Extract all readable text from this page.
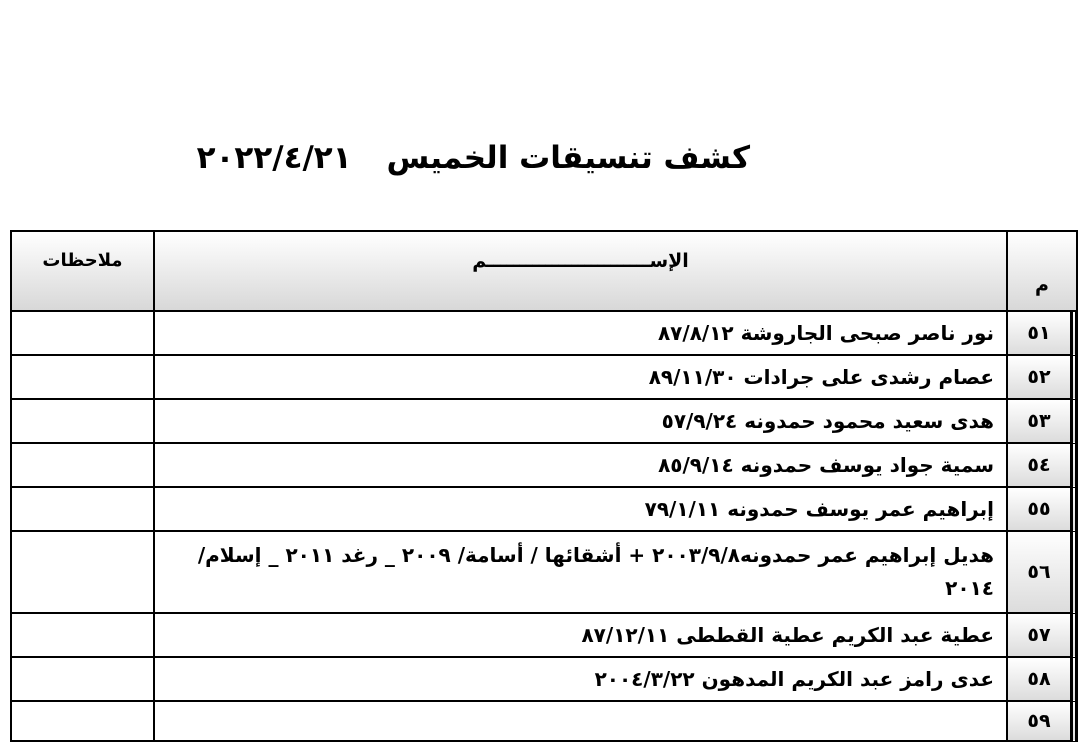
كشف تنسيقات الخميس ٢٠٢٢/٤/٢١
م	الإســـــــــــــــــــــــــم	ملاحظات
٥١	نور ناصر صبحى الجاروشة ٨٧/٨/١٢	
٥٢	عصام رشدى على جرادات ٨٩/١١/٣٠	
٥٣	هدى سعيد محمود حمدونه ٥٧/٩/٢٤	
٥٤	سمية جواد يوسف حمدونه ٨٥/٩/١٤	
٥٥	إبراهيم عمر يوسف حمدونه ٧٩/١/١١	
٥٦	هديل إبراهيم عمر حمدونه٢٠٠٣/٩/٨ + أشقائها / أسامة/ ٢٠٠٩ _ رغد ٢٠١١ _ إسلام/ ٢٠١٤	
٥٧	عطية عبد الكريم عطية القططى ٨٧/١٢/١١	
٥٨	عدى رامز عبد الكريم المدهون ٢٠٠٤/٣/٢٢	
٥٩		
